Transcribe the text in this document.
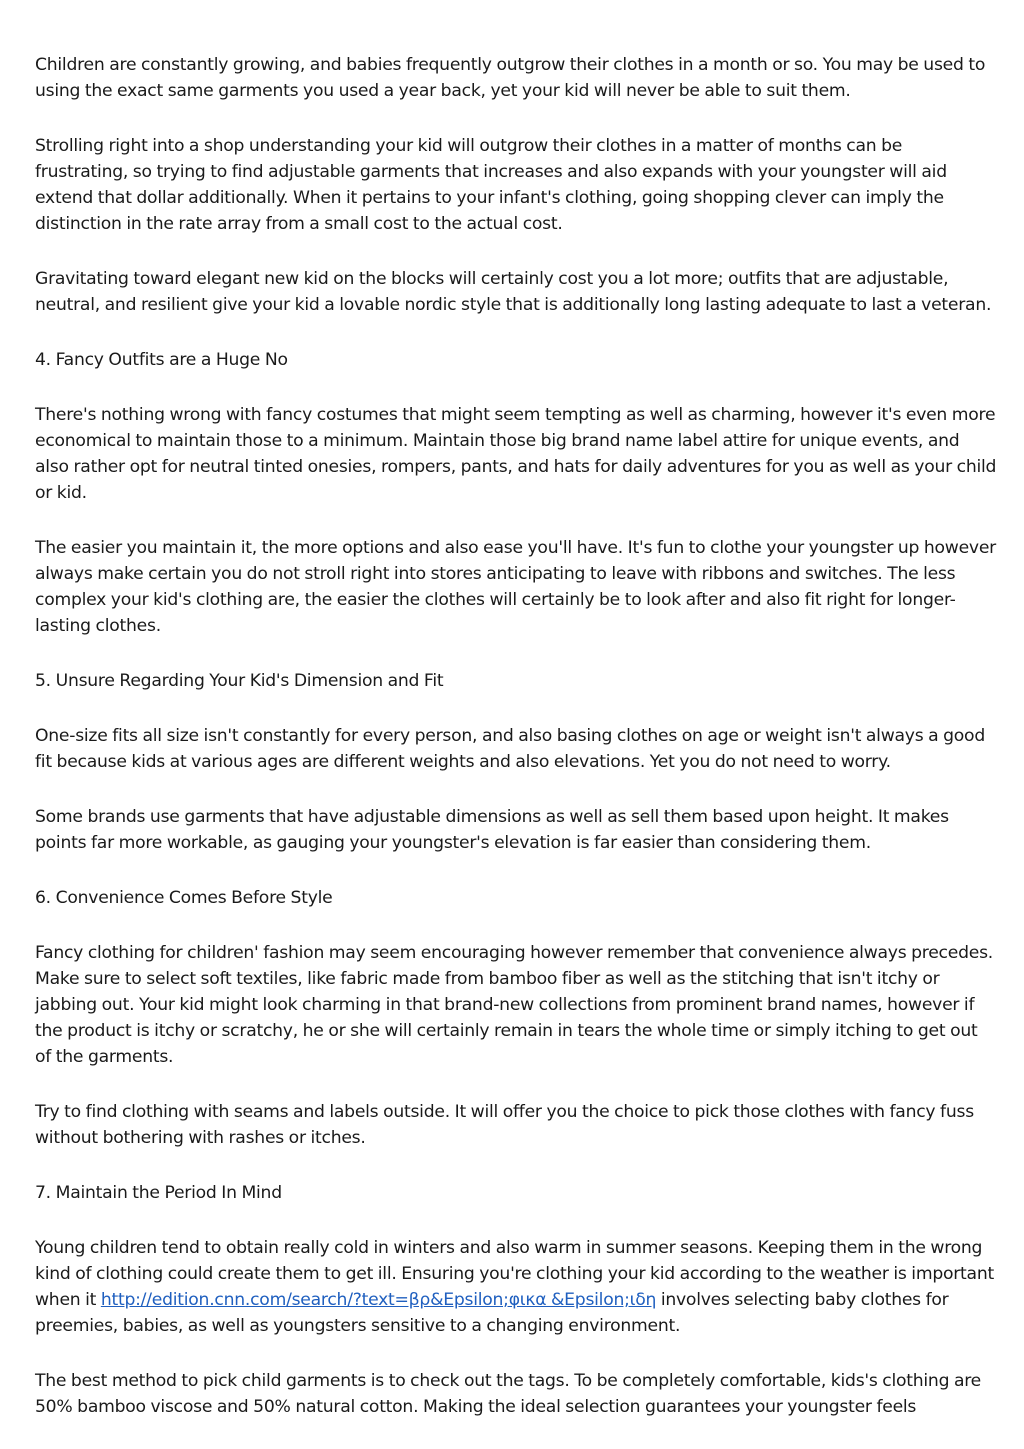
Children are constantly growing, and babies frequently outgrow their clothes in a month or so. You may be used to using the exact same garments you used a year back, yet your kid will never be able to suit them.

Strolling right into a shop understanding your kid will outgrow their clothes in a matter of months can be frustrating, so trying to find adjustable garments that increases and also expands with your youngster will aid extend that dollar additionally. When it pertains to your infant's clothing, going shopping clever can imply the distinction in the rate array from a small cost to the actual cost.

Gravitating toward elegant new kid on the blocks will certainly cost you a lot more; outfits that are adjustable, neutral, and resilient give your kid a lovable nordic style that is additionally long lasting adequate to last a veteran.

4. Fancy Outfits are a Huge No

There's nothing wrong with fancy costumes that might seem tempting as well as charming, however it's even more economical to maintain those to a minimum. Maintain those big brand name label attire for unique events, and also rather opt for neutral tinted onesies, rompers, pants, and hats for daily adventures for you as well as your child or kid.

The easier you maintain it, the more options and also ease you'll have. It's fun to clothe your youngster up however always make certain you do not stroll right into stores anticipating to leave with ribbons and switches. The less complex your kid's clothing are, the easier the clothes will certainly be to look after and also fit right for longer-lasting clothes.

5. Unsure Regarding Your Kid's Dimension and Fit

One-size fits all size isn't constantly for every person, and also basing clothes on age or weight isn't always a good fit because kids at various ages are different weights and also elevations. Yet you do not need to worry.

Some brands use garments that have adjustable dimensions as well as sell them based upon height. It makes points far more workable, as gauging your youngster's elevation is far easier than considering them.

6. Convenience Comes Before Style

Fancy clothing for children' fashion may seem encouraging however remember that convenience always precedes. Make sure to select soft textiles, like fabric made from bamboo fiber as well as the stitching that isn't itchy or jabbing out. Your kid might look charming in that brand-new collections from prominent brand names, however if the product is itchy or scratchy, he or she will certainly remain in tears the whole time or simply itching to get out of the garments.

Try to find clothing with seams and labels outside. It will offer you the choice to pick those clothes with fancy fuss without bothering with rashes or itches.

7. Maintain the Period In Mind

Young children tend to obtain really cold in winters and also warm in summer seasons. Keeping them in the wrong kind of clothing could create them to get ill. Ensuring you're clothing your kid according to the weather is important when it http://edition.cnn.com/search/?text=βρ&Epsilon;φικα &Epsilon;ιδη involves selecting baby clothes for preemies, babies, as well as youngsters sensitive to a changing environment.

The best method to pick child garments is to check out the tags. To be completely comfortable, kids's clothing are 50% bamboo viscose and 50% natural cotton. Making the ideal selection guarantees your youngster feels
